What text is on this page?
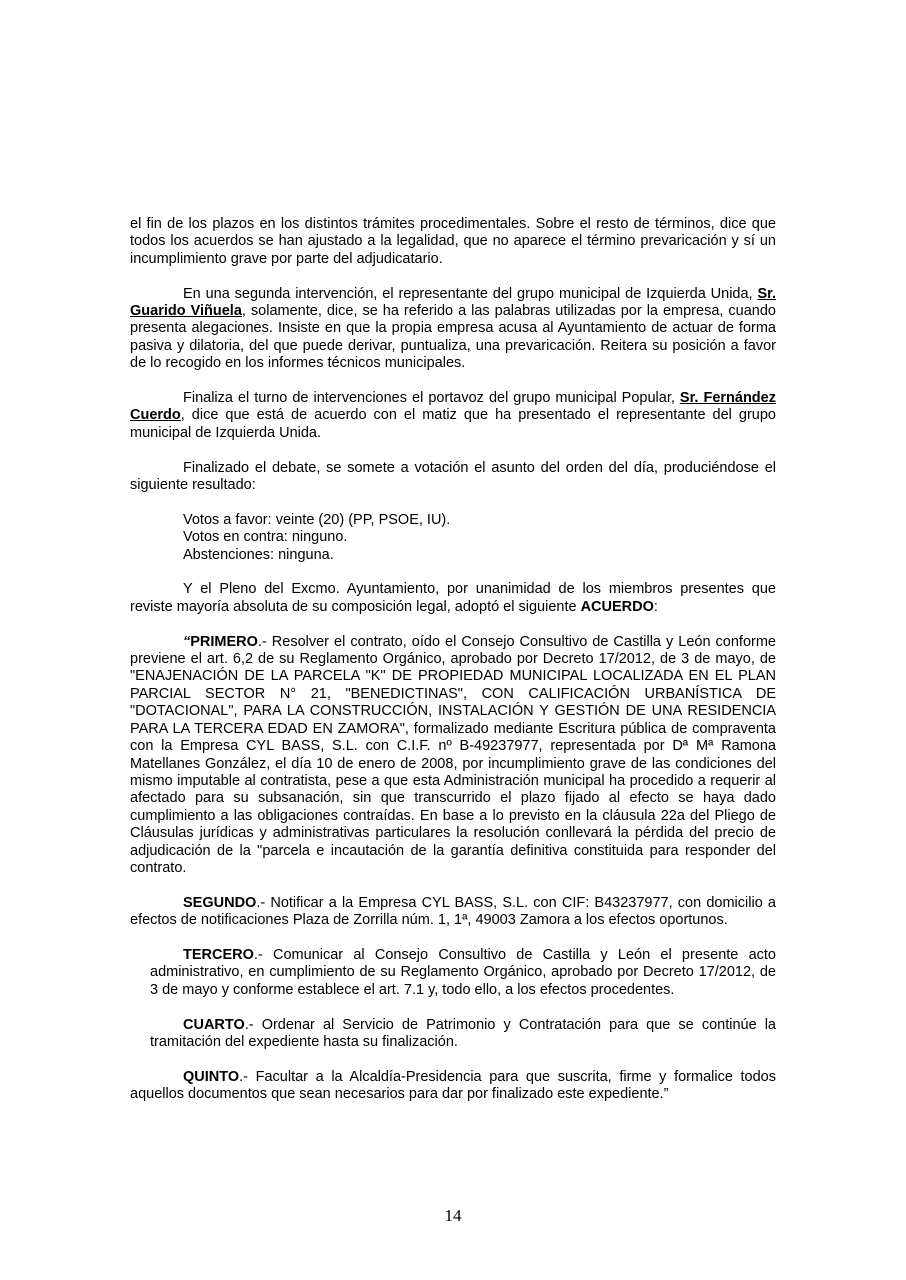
el fin de los plazos en los distintos trámites procedimentales. Sobre el resto de términos, dice que todos los acuerdos se han ajustado a la legalidad, que no aparece el término prevaricación y sí un incumplimiento grave por parte del adjudicatario.

En una segunda intervención, el representante del grupo municipal de Izquierda Unida, Sr. Guarido Viñuela, solamente, dice, se ha referido a las palabras utilizadas por la empresa, cuando presenta alegaciones. Insiste en que la propia empresa acusa al Ayuntamiento de actuar de forma pasiva y dilatoria, del que puede derivar, puntualiza, una prevaricación. Reitera su posición a favor de lo recogido en los informes técnicos municipales.

Finaliza el turno de intervenciones el portavoz del grupo municipal Popular, Sr. Fernández Cuerdo, dice que está de acuerdo con el matiz que ha presentado el representante del grupo municipal de Izquierda Unida.

Finalizado el debate, se somete a votación el asunto del orden del día, produciéndose el siguiente resultado:

Votos a favor: veinte (20) (PP, PSOE, IU).
Votos en contra: ninguno.
Abstenciones: ninguna.

Y el Pleno del Excmo. Ayuntamiento, por unanimidad de los miembros presentes que reviste mayoría absoluta de su composición legal, adoptó el siguiente ACUERDO:

“PRIMERO.- Resolver el contrato, oído el Consejo Consultivo de Castilla y León conforme previene el art. 6,2 de su Reglamento Orgánico, aprobado por Decreto 17/2012, de 3 de mayo, de "ENAJENACIÓN DE LA PARCELA "K" DE PROPIEDAD MUNICIPAL LOCALIZADA EN EL PLAN PARCIAL SECTOR N° 21, "BENEDICTINAS", CON CALIFICACIÓN URBANÍSTICA DE "DOTACIONAL", PARA LA CONSTRUCCIÓN, INSTALACIÓN Y GESTIÓN DE UNA RESIDENCIA PARA LA TERCERA EDAD EN ZAMORA", formalizado mediante Escritura pública de compraventa con la Empresa CYL BASS, S.L. con C.I.F. nº B-49237977, representada por Dª Mª Ramona Matellanes González, el día 10 de enero de 2008, por incumplimiento grave de las condiciones del mismo imputable al contratista, pese a que esta Administración municipal ha procedido a requerir al afectado para su subsanación, sin que transcurrido el plazo fijado al efecto se haya dado cumplimiento a las obligaciones contraídas. En base a lo previsto en la cláusula 22a del Pliego de Cláusulas jurídicas y administrativas particulares la resolución conllevará la pérdida del precio de adjudicación de la "parcela e incautación de la garantía definitiva constituida para responder del contrato.

SEGUNDO.- Notificar a la Empresa CYL BASS, S.L. con CIF: B43237977, con domicilio a efectos de notificaciones Plaza de Zorrilla núm. 1, 1ª, 49003 Zamora a los efectos oportunos.

TERCERO.- Comunicar al Consejo Consultivo de Castilla y León el presente acto administrativo, en cumplimiento de su Reglamento Orgánico, aprobado por Decreto 17/2012, de 3 de mayo y conforme establece el art. 7.1 y, todo ello, a los efectos procedentes.

CUARTO.- Ordenar al Servicio de Patrimonio y Contratación para que se continúe la tramitación del expediente hasta su finalización.

QUINTO.- Facultar a la Alcaldía-Presidencia para que suscrita, firme y formalice todos aquellos documentos que sean necesarios para dar por finalizado este expediente.”

14
